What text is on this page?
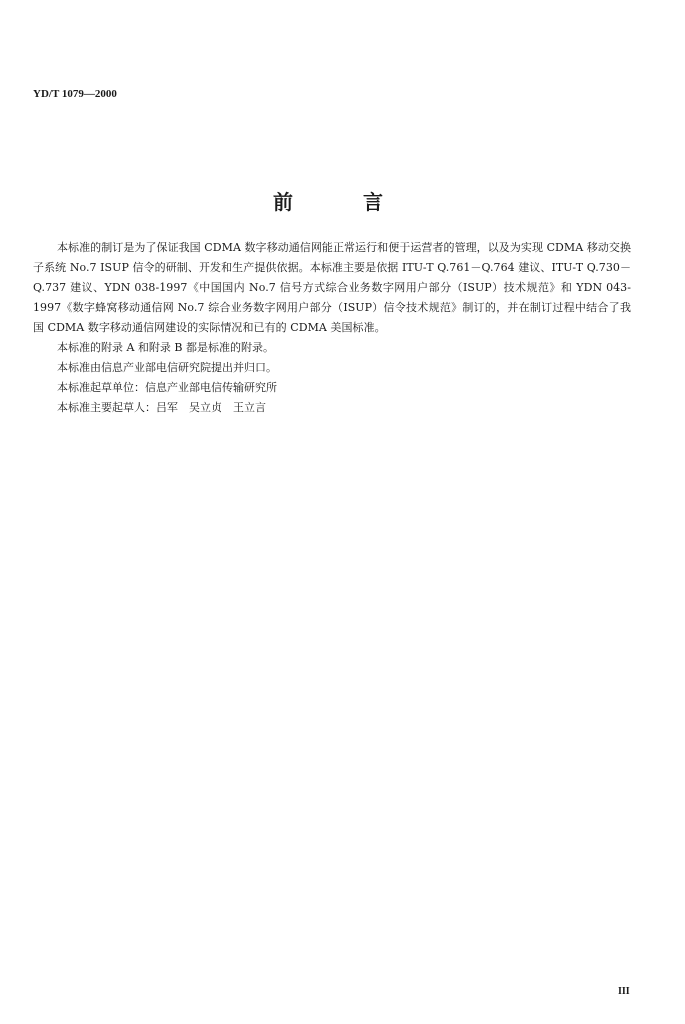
YD/T 1079—2000
前	言

本标准的制订是为了保证我国 CDMA 数字移动通信网能正常运行和便于运营者的管理，以及为实现 CDMA 移动交换子系统 No.7 ISUP 信令的研制、开发和生产提供依据。本标准主要是依据 ITU-T Q.761－Q.764 建议、ITU-T Q.730－Q.737 建议、YDN 038-1997《中国国内 No.7 信号方式综合业务数字网用户部分（ISUP）技术规范》和 YDN 043-1997《数字蜂窝移动通信网 No.7 综合业务数字网用户部分（ISUP）信令技术规范》制订的，并在制订过程中结合了我国 CDMA 数字移动通信网建设的实际情况和已有的 CDMA 美国标准。

本标准的附录 A 和附录 B 都是标准的附录。

本标准由信息产业部电信研究院提出并归口。

本标准起草单位：信息产业部电信传输研究所

本标准主要起草人：吕军　吴立贞　王立言

III
